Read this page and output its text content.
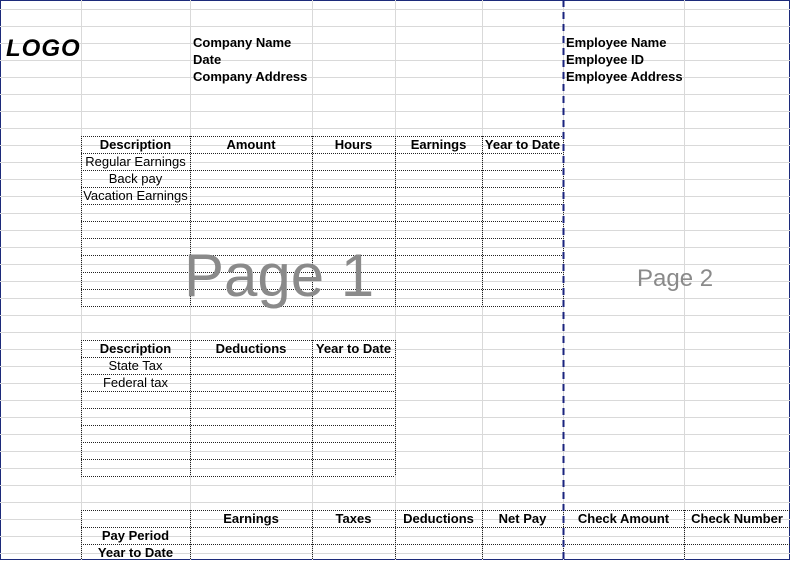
LOGO	Company Name
Date
Company Address
Employee Name
Employee ID
Employee Address
Page 1	Page 2
Description	Amount	Hours	Earnings	Year to Date
Regular Earnings
Back pay
Vacation Earnings
Description	Deductions	Year to Date
State Tax
Federal tax
Earnings	Taxes	Deductions	Net Pay	Check Amount	Check Number
Pay Period
Year to Date
